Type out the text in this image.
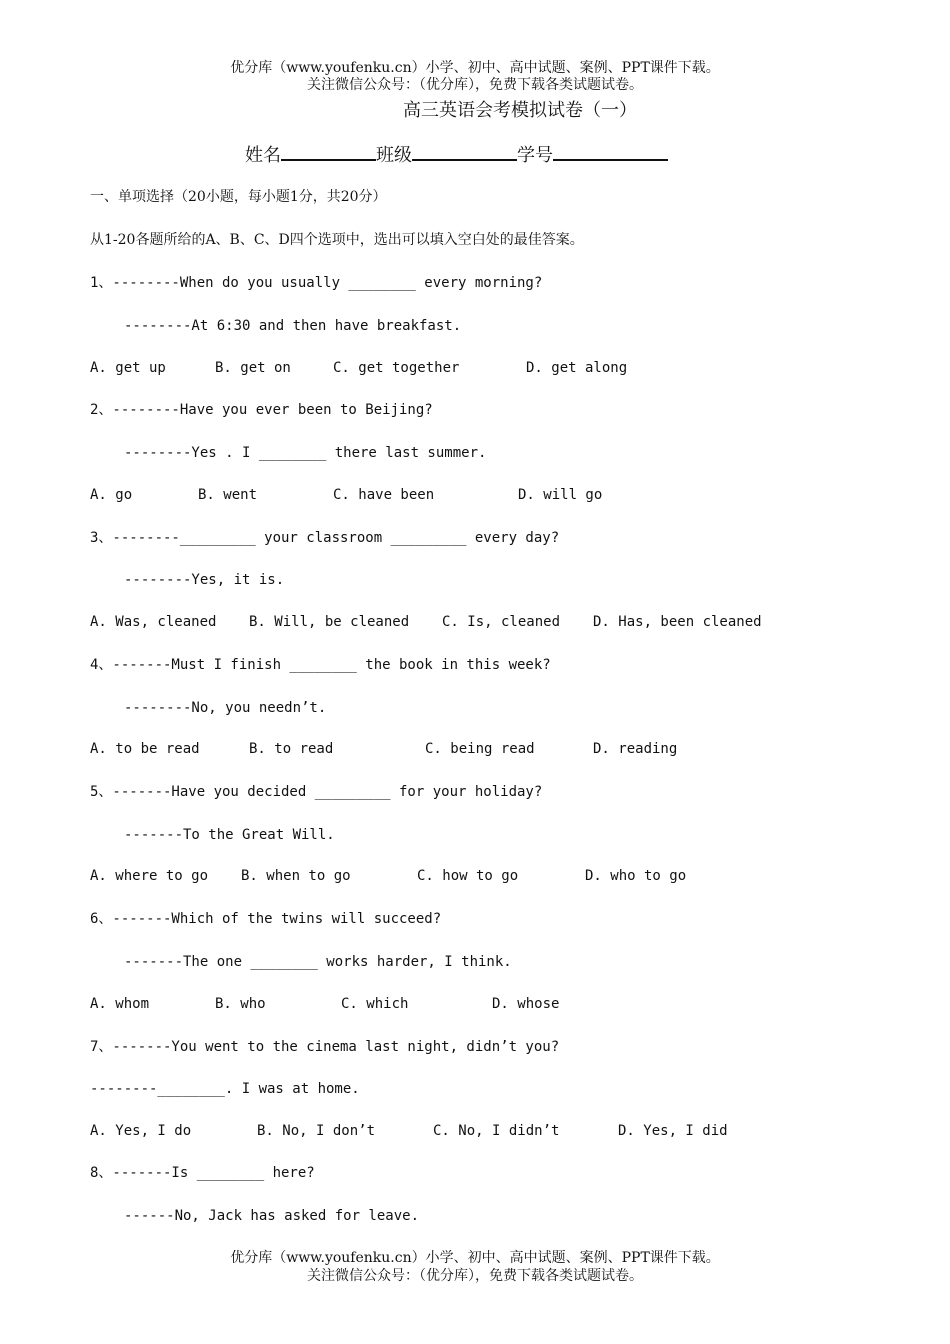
优分库（www.youfenku.cn）小学、初中、高中试题、案例、PPT课件下载。
关注微信公众号：（优分库），免费下载各类试题试卷。
高三英语会考模拟试卷（一）
姓名	班级	学号
一、单项选择（20小题，每小题1分，共20分）
从1-20各题所给的A、B、C、D四个选项中，选出可以填入空白处的最佳答案。
1、--------When do you usually ________ every morning?
--------At 6:30 and then have breakfast.
A. get up	B. get on	C. get together	D. get along
2、--------Have you ever been to Beijing?
--------Yes . I ________ there last summer.
A. go	B. went	C. have been	D. will go
3、--------_________ your classroom _________ every day?
--------Yes, it is.
A. Was, cleaned B. Will, be cleaned C. Is, cleaned D. Has, been cleaned
4、-------Must I finish ________ the book in this week?
--------No, you needn’t.
A. to be read	B. to read	C. being read	D. reading
5、-------Have you decided _________ for your holiday?
-------To the Great Will.
A. where to go B. when to go	C. how to go	D. who to go
6、-------Which of the twins will succeed?
-------The one ________ works harder, I think.
A. whom	B. who	C. which	D. whose
7、-------You went to the cinema last night, didn’t you?
--------________. I was at home.
A. Yes, I do	B. No, I don’t	C. No, I didn’t	D. Yes, I did
8、-------Is ________ here?
------No, Jack has asked for leave.
优分库（www.youfenku.cn）小学、初中、高中试题、案例、PPT课件下载。
关注微信公众号：（优分库），免费下载各类试题试卷。
